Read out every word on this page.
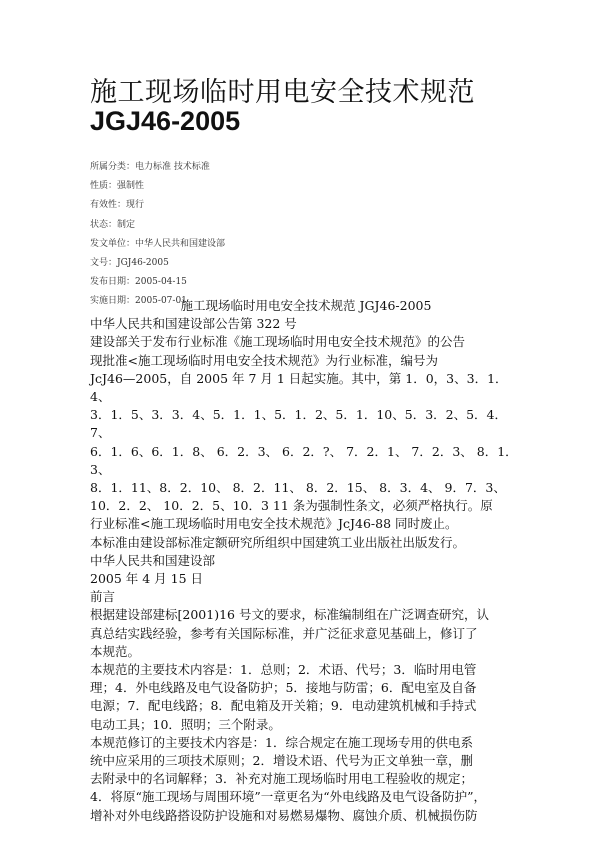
施工现场临时用电安全技术规范
JGJ46-2005
所属分类：电力标准 技术标准
性质：强制性
有效性：现行
状态：制定
发文单位：中华人民共和国建设部
文号：JGJ46-2005
发布日期：2005-04-15
实施日期：2005-07-01

施工现场临时用电安全技术规范 JGJ46-2005

中华人民共和国建设部公告第 322 号

建设部关于发布行业标准《施工现场临时用电安全技术规范》的公告

现批准<施工现场临时用电安全技术规范》为行业标准，编号为

JcJ46—2005，自 2005 年 7 月 1 日起实施。其中，第 1．0，3、3．1．4、

3．1．5、3．3．4、5．1．1、5．1．2、5．1．10、5．3．2、5．4．7、

6．1．6、6．1．8、 6．2．3、 6．2．?、 7．2．1、 7．2．3、 8．1．3、

8．1．11、8．2．10、 8．2．11、 8．2．15、 8．3．4、 9．7．3、

10．2．2、 10．2．5、10．3 11 条为强制性条文，必须严格执行。原

行业标准<施工现场临时用电安全技术规范》JcJ46-88 同时废止。

本标准由建设部标准定额研究所组织中国建筑工业出版社出版发行。

中华人民共和国建设部

2005 年 4 月 15 日

前言

根据建设部建标[2001)16 号文的要求，标准编制组在广泛调查研究，认

真总结实践经验，参考有关国际标准，并广泛征求意见基础上，修订了

本规范。

本规范的主要技术内容是：1．总则；2．术语、代号；3．临时用电管

理；4．外电线路及电气设备防护；5．接地与防雷；6．配电室及自备

电源；7．配电线路；8．配电箱及开关箱；9．电动建筑机械和手持式

电动工具；10．照明；三个附录。

本规范修订的主要技术内容是：1．综合规定在施工现场专用的供电系

统中应采用的三项技术原则；2．增设术语、代号为正文单独一章，删

去附录中的名词解释；3．补充对施工现场临时用电工程验收的规定；

4．将原“施工现场与周围环境”一章更名为“外电线路及电气设备防护”，

增补对外电线路搭设防护设施和对易燃易爆物、腐蚀介质、机械损伤防
